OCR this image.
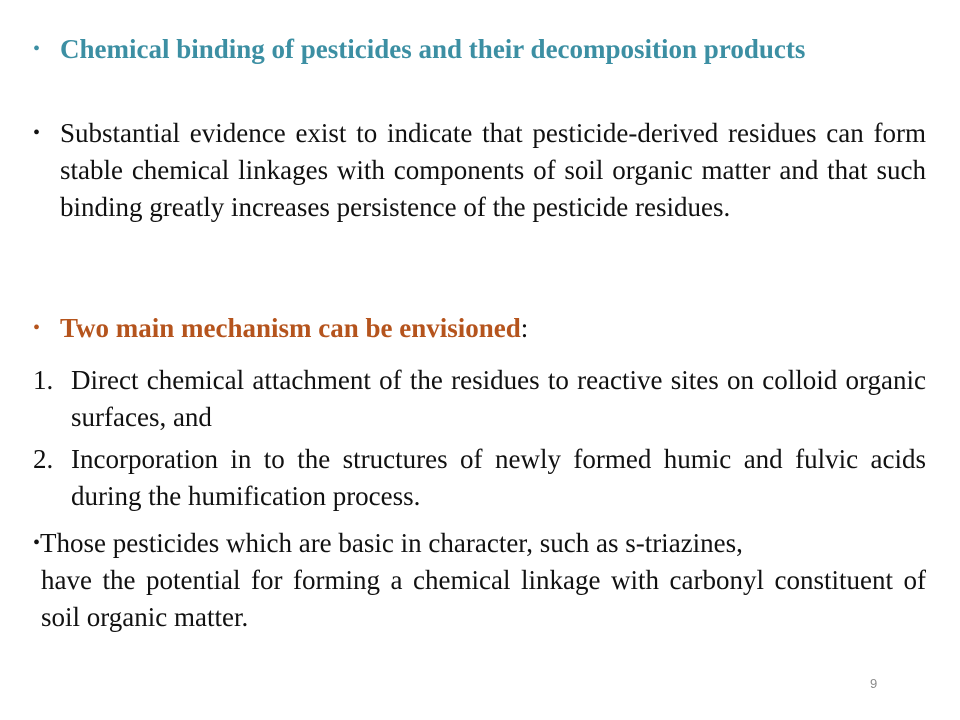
• Chemical binding of pesticides and their decomposition products
• Substantial evidence exist to indicate that pesticide-derived residues can form stable chemical linkages with components of soil organic matter and that such binding greatly increases persistence of the pesticide residues.
• Two main mechanism can be envisioned:
1. Direct chemical attachment of the residues to reactive sites on colloid organic surfaces, and
2. Incorporation in to the structures of newly formed humic and fulvic acids during the humification process.
•Those pesticides which are basic in character, such as s-triazines,
have the potential for forming a chemical linkage with carbonyl constituent of soil organic matter.
9
